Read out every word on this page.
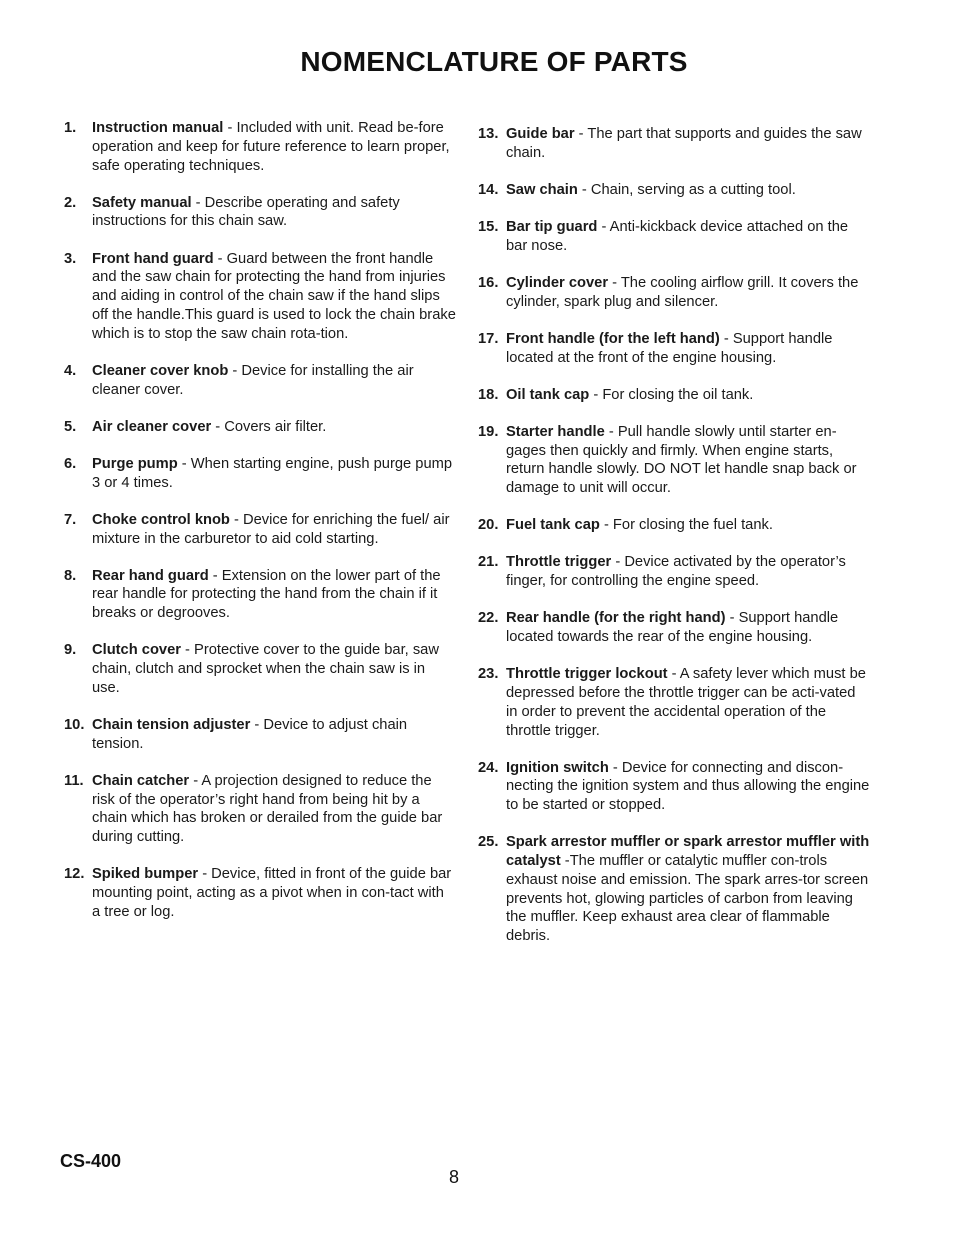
NOMENCLATURE OF PARTS
1. Instruction manual - Included with unit. Read be-fore operation and keep for future reference to learn proper, safe operating techniques.
2. Safety manual - Describe operating and safety instructions for this chain saw.
3. Front hand guard - Guard between the front handle and the saw chain for protecting the hand from injuries and aiding in control of the chain saw if the hand slips off the handle.This guard is used to lock the chain brake which is to stop the saw chain rota-tion.
4. Cleaner cover knob - Device for installing the air cleaner cover.
5. Air cleaner cover - Covers air filter.
6. Purge pump - When starting engine, push purge pump 3 or 4 times.
7. Choke control knob - Device for enriching the fuel/ air mixture in the carburetor to aid cold starting.
8. Rear hand guard - Extension on the lower part of the rear handle for protecting the hand from the chain if it breaks or degrooves.
9. Clutch cover - Protective cover to the guide bar, saw chain, clutch and sprocket when the chain saw is in use.
10. Chain tension adjuster - Device to adjust chain tension.
11. Chain catcher - A projection designed to reduce the risk of the operator’s right hand from being hit by a chain which has broken or derailed from the guide bar during cutting.
12. Spiked bumper - Device, fitted in front of the guide bar mounting point, acting as a pivot when in con-tact with a tree or log.
13. Guide bar - The part that supports and guides the saw chain.
14. Saw chain - Chain, serving as a cutting tool.
15. Bar tip guard - Anti-kickback device attached on the bar nose.
16. Cylinder cover - The cooling airflow grill. It covers the cylinder, spark plug and silencer.
17. Front handle (for the left hand) - Support handle located at the front of the engine housing.
18. Oil tank cap - For closing the oil tank.
19. Starter handle - Pull handle slowly until starter en-gages then quickly and firmly. When engine starts, return handle slowly. DO NOT let handle snap back or damage to unit will occur.
20. Fuel tank cap - For closing the fuel tank.
21. Throttle trigger - Device activated by the operator’s finger, for controlling the engine speed.
22. Rear handle (for the right hand) - Support handle located towards the rear of the engine housing.
23. Throttle trigger lockout - A safety lever which must be depressed before the throttle trigger can be acti-vated in order to prevent the accidental operation of the throttle trigger.
24. Ignition switch - Device for connecting and discon-necting the ignition system and thus allowing the engine to be started or stopped.
25. Spark arrestor muffler or spark arrestor muffler with catalyst -The muffler or catalytic muffler con-trols exhaust noise and emission. The spark arres-tor screen prevents hot, glowing particles of carbon from leaving the muffler. Keep exhaust area clear of flammable debris.
CS-400
8
